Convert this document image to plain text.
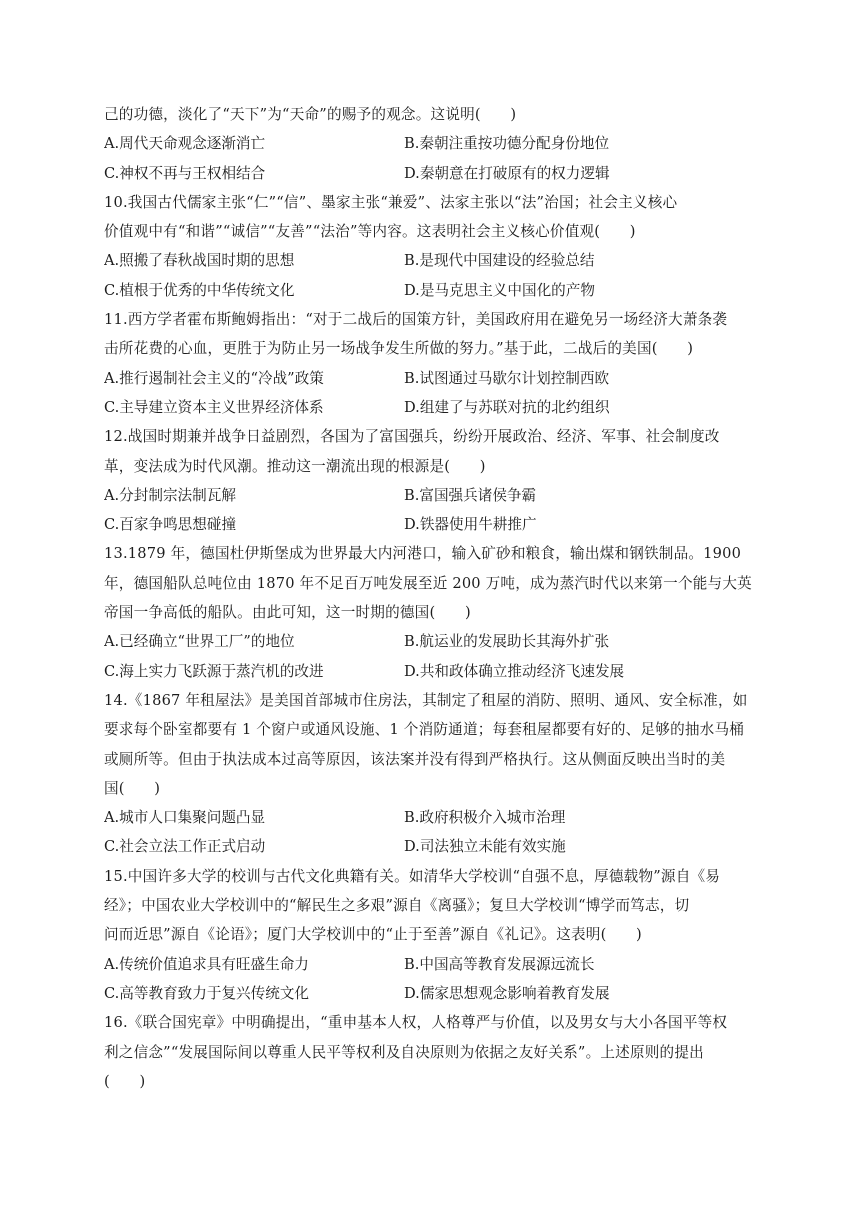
己的功德，淡化了“天下”为“天命”的赐予的观念。这说明(　　)

A.周代天命观念逐渐消亡	B.秦朝注重按功德分配身份地位
C.神权不再与王权相结合	D.秦朝意在打破原有的权力逻辑

10.我国古代儒家主张“仁”“信”、墨家主张“兼爱”、法家主张以“法”治国；社会主义核心

价值观中有“和谐”“诚信”“友善”“法治”等内容。这表明社会主义核心价值观(　　)

A.照搬了春秋战国时期的思想	B.是现代中国建设的经验总结
C.植根于优秀的中华传统文化	D.是马克思主义中国化的产物

11.西方学者霍布斯鲍姆指出：“对于二战后的国策方针，美国政府用在避免另一场经济大萧条袭

击所花费的心血，更胜于为防止另一场战争发生所做的努力。”基于此，二战后的美国(　　)

A.推行遏制社会主义的“冷战”政策	B.试图通过马歇尔计划控制西欧
C.主导建立资本主义世界经济体系	D.组建了与苏联对抗的北约组织

12.战国时期兼并战争日益剧烈，各国为了富国强兵，纷纷开展政治、经济、军事、社会制度改

革，变法成为时代风潮。推动这一潮流出现的根源是(　　)

A.分封制宗法制瓦解	B.富国强兵诸侯争霸
C.百家争鸣思想碰撞	D.铁器使用牛耕推广

13.1879 年，德国杜伊斯堡成为世界最大内河港口，输入矿砂和粮食，输出煤和钢铁制品。1900

年，德国船队总吨位由 1870 年不足百万吨发展至近 200 万吨，成为蒸汽时代以来第一个能与大英

帝国一争高低的船队。由此可知，这一时期的德国(　　)

A.已经确立“世界工厂”的地位	B.航运业的发展助长其海外扩张
C.海上实力飞跃源于蒸汽机的改进	D.共和政体确立推动经济飞速发展

14.《1867 年租屋法》是美国首部城市住房法，其制定了租屋的消防、照明、通风、安全标准，如

要求每个卧室都要有 1 个窗户或通风设施、1 个消防通道；每套租屋都要有好的、足够的抽水马桶

或厕所等。但由于执法成本过高等原因，该法案并没有得到严格执行。这从侧面反映出当时的美

国(　　)

A.城市人口集聚问题凸显	B.政府积极介入城市治理
C.社会立法工作正式启动	D.司法独立未能有效实施

15.中国许多大学的校训与古代文化典籍有关。如清华大学校训“自强不息，厚德载物”源自《易

经》；中国农业大学校训中的“解民生之多艰”源自《离骚》；复旦大学校训“博学而笃志，切

问而近思”源自《论语》；厦门大学校训中的“止于至善”源自《礼记》。这表明(　　)

A.传统价值追求具有旺盛生命力	B.中国高等教育发展源远流长
C.高等教育致力于复兴传统文化	D.儒家思想观念影响着教育发展

16.《联合国宪章》中明确提出，“重申基本人权，人格尊严与价值，以及男女与大小各国平等权

利之信念”“发展国际间以尊重人民平等权利及自决原则为依据之友好关系”。上述原则的提出

(　　)
